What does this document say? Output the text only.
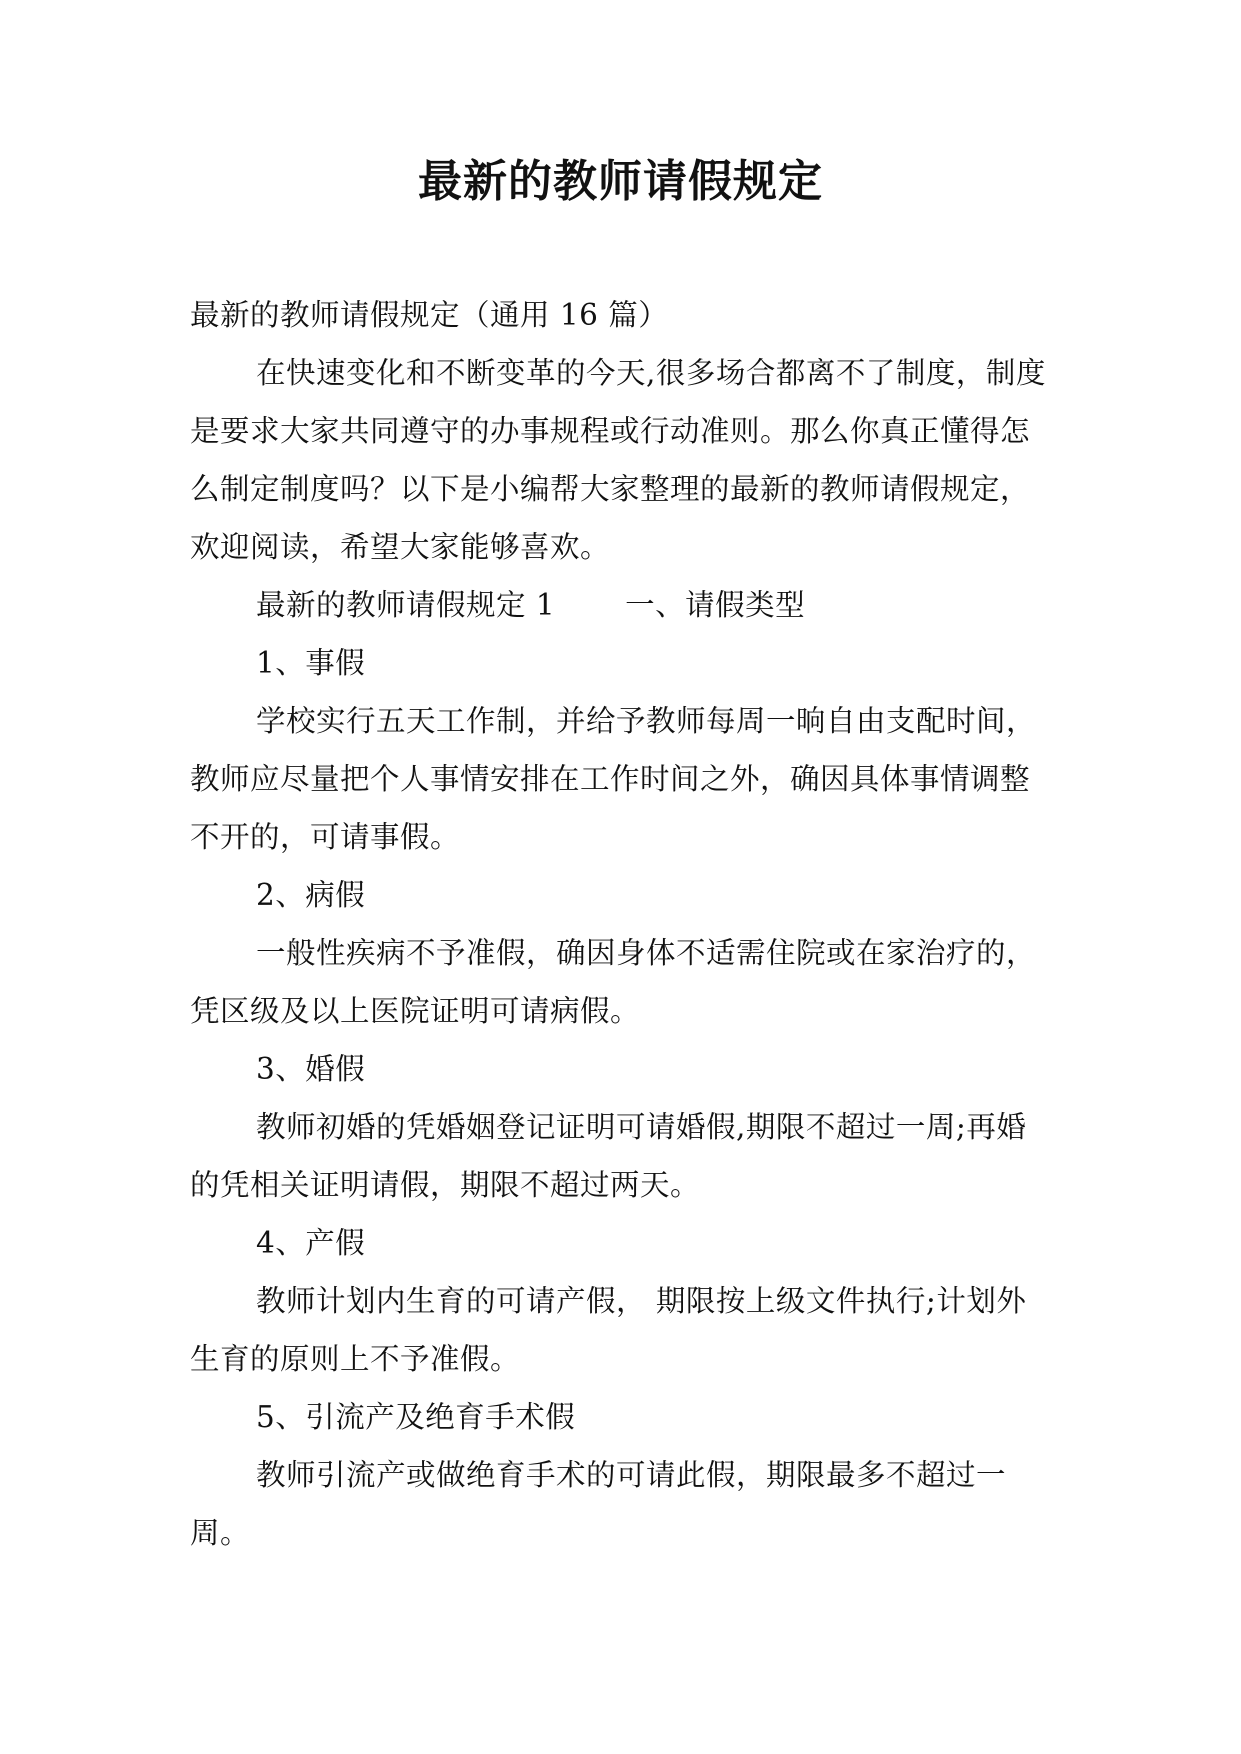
最新的教师请假规定

最新的教师请假规定（通用 16 篇）

在快速变化和不断变革的今天,很多场合都离不了制度，制度是要求大家共同遵守的办事规程或行动准则。那么你真正懂得怎么制定制度吗？以下是小编帮大家整理的最新的教师请假规定，欢迎阅读，希望大家能够喜欢。

最新的教师请假规定 1 一、请假类型

1、事假

学校实行五天工作制，并给予教师每周一晌自由支配时间，教师应尽量把个人事情安排在工作时间之外，确因具体事情调整不开的，可请事假。

2、病假

一般性疾病不予准假，确因身体不适需住院或在家治疗的，凭区级及以上医院证明可请病假。

3、婚假

教师初婚的凭婚姻登记证明可请婚假,期限不超过一周;再婚的凭相关证明请假，期限不超过两天。

4、产假

教师计划内生育的可请产假， 期限按上级文件执行;计划外生育的原则上不予准假。

5、引流产及绝育手术假

教师引流产或做绝育手术的可请此假，期限最多不超过一周。
